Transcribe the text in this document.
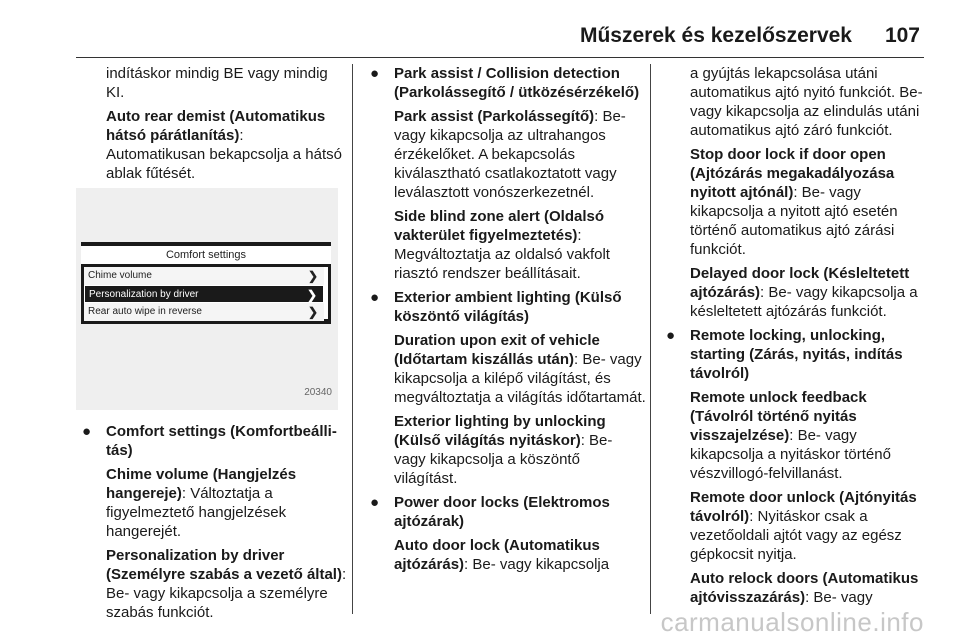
Műszerek és kezelőszervek 107

indításkor mindig BE vagy mindig KI.

Auto rear demist (Automatikus hátsó párátlanítás):
Automatikusan bekapcsolja a hátsó ablak fűtését.

Comfort settings
Chime volume	❯
Personalization by driver	❯
Rear auto wipe in reverse	❯
20340
● Comfort settings (Komfortbeálli-tás)

Chime volume (Hangjelzés hangereje): Változtatja a figyelmeztető hangjelzések hangerejét.

Personalization by driver (Személyre szabás a vezető által): Be- vagy kikapcsolja a személyre szabás funkciót.

● Park assist / Collision detection (Parkolássegítő / ütközésérzékelő)

Park assist (Parkolássegítő): Be- vagy kikapcsolja az ultrahangos érzékelőket. A bekapcsolás kiválasztható csatlakoztatott vagy leválasztott vonószerkezetnél.

Side blind zone alert (Oldalsó vakterület figyelmeztetés): Megváltoztatja az oldalsó vakfolt riasztó rendszer beállításait.

● Exterior ambient lighting (Külső köszöntő világítás)

Duration upon exit of vehicle (Időtartam kiszállás után): Be- vagy kikapcsolja a kilépő világítást, és megváltoztatja a világítás időtartamát.

Exterior lighting by unlocking (Külső világítás nyitáskor): Be- vagy kikapcsolja a köszöntő világítást.

● Power door locks (Elektromos ajtózárak)

Auto door lock (Automatikus ajtózárás): Be- vagy kikapcsolja

a gyújtás lekapcsolása utáni automatikus ajtó nyitó funkciót. Be- vagy kikapcsolja az elindulás utáni automatikus ajtó záró funkciót.

Stop door lock if door open (Ajtózárás megakadályozása nyitott ajtónál): Be- vagy kikapcsolja a nyitott ajtó esetén történő automatikus ajtó zárási funkciót.

Delayed door lock (Késleltetett ajtózárás): Be- vagy kikapcsolja a késleltetett ajtózárás funkciót.

● Remote locking, unlocking, starting (Zárás, nyitás, indítás távolról)

Remote unlock feedback (Távolról történő nyitás visszajelzése): Be- vagy kikapcsolja a nyitáskor történő vészvillogó-felvillanást.

Remote door unlock (Ajtónyitás távolról): Nyitáskor csak a vezetőoldali ajtót vagy az egész gépkocsit nyitja.

Auto relock doors (Automatikus ajtóvisszazárás): Be- vagy

carmanualsonline.info
